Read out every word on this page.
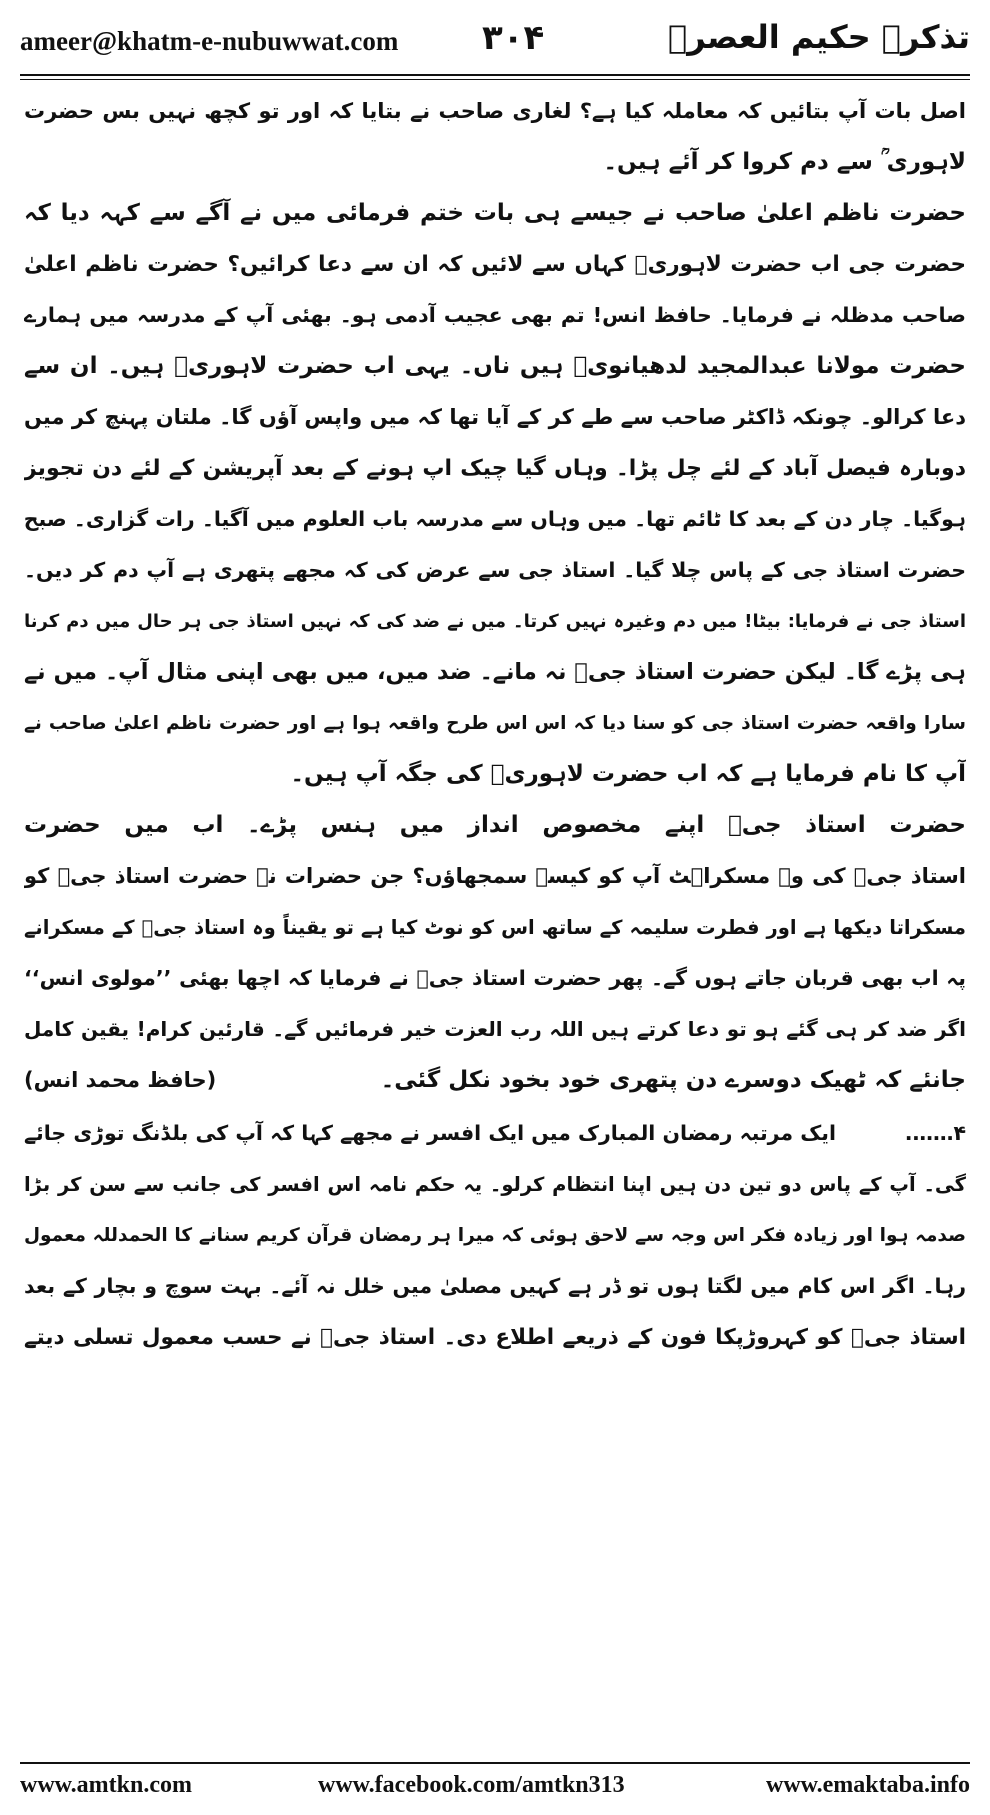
ameer@khatm-e-nubuwwat.com ۳۰۴	تذکرہ حکیم العصرؒ
اصل بات آپ بتائیں کہ معاملہ کیا ہے؟ لغاری صاحب نے بتایا کہ اور تو کچھ نہیں بس حضرت
لاہوری ؒ سے دم کروا کر آئے ہیں۔
حضرت ناظم اعلیٰ صاحب نے جیسے ہی بات ختم فرمائی میں نے آگے سے کہہ دیا کہ
حضرت جی اب حضرت لاہوریؒ کہاں سے لائیں کہ ان سے دعا کرائیں؟ حضرت ناظم اعلیٰ
صاحب مدظلہ نے فرمایا۔ حافظ انس! تم بھی عجیب آدمی ہو۔ بھئی آپ کے مدرسہ میں ہمارے
حضرت مولانا عبدالمجید لدھیانویؒ ہیں ناں۔ یہی اب حضرت لاہوریؒ ہیں۔ ان سے
دعا کرالو۔ چونکہ ڈاکٹر صاحب سے طے کر کے آیا تھا کہ میں واپس آؤں گا۔ ملتان پہنچ کر میں
دوبارہ فیصل آباد کے لئے چل پڑا۔ وہاں گیا چیک اپ ہونے کے بعد آپریشن کے لئے دن تجویز
ہوگیا۔ چار دن کے بعد کا ٹائم تھا۔ میں وہاں سے مدرسہ باب العلوم میں آگیا۔ رات گزاری۔ صبح
حضرت استاذ جی کے پاس چلا گیا۔ استاذ جی سے عرض کی کہ مجھے پتھری ہے آپ دم کر دیں۔
استاذ جی نے فرمایا: بیٹا! میں دم وغیرہ نہیں کرتا۔ میں نے ضد کی کہ نہیں استاذ جی ہر حال میں دم کرنا
ہی پڑے گا۔ لیکن حضرت استاذ جیؒ نہ مانے۔ ضد میں، میں بھی اپنی مثال آپ۔ میں نے
سارا واقعہ حضرت استاذ جی کو سنا دیا کہ اس اس طرح واقعہ ہوا ہے اور حضرت ناظم اعلیٰ صاحب نے
آپ کا نام فرمایا ہے کہ اب حضرت لاہوریؒ کی جگہ آپ ہیں۔
حضرت استاذ جیؒ اپنے مخصوص انداز میں ہنس پڑے۔ اب میں حضرت
استاذ جیؒ کی وہ مسکراہٹ آپ کو کیسے سمجھاؤں؟ جن حضرات نے حضرت استاذ جیؒ کو
مسکراتا دیکھا ہے اور فطرت سلیمہ کے ساتھ اس کو نوٹ کیا ہے تو یقیناً وہ استاذ جیؒ کے مسکرانے
پہ اب بھی قربان جاتے ہوں گے۔ پھر حضرت استاذ جیؒ نے فرمایا کہ اچھا بھئی ’’مولوی انس‘‘
اگر ضد کر ہی گئے ہو تو دعا کرتے ہیں اللہ رب العزت خیر فرمائیں گے۔ قارئین کرام! یقین کامل
جانئے کہ ٹھیک دوسرے دن پتھری خود بخود نکل گئی۔
(حافظ محمد انس)
۴…….
ایک مرتبہ رمضان المبارک میں ایک افسر نے مجھے کہا کہ آپ کی بلڈنگ توڑی جائے
گی۔ آپ کے پاس دو تین دن ہیں اپنا انتظام کرلو۔ یہ حکم نامہ اس افسر کی جانب سے سن کر بڑا
صدمہ ہوا اور زیادہ فکر اس وجہ سے لاحق ہوئی کہ میرا ہر رمضان قرآن کریم سنانے کا الحمدللہ معمول
رہا۔ اگر اس کام میں لگتا ہوں تو ڈر ہے کہیں مصلیٰ میں خلل نہ آئے۔ بہت سوچ و بچار کے بعد
استاذ جیؒ کو کہروڑپکا فون کے ذریعے اطلاع دی۔ استاذ جیؒ نے حسب معمول تسلی دیتے
www.amtkn.com	www.facebook.com/amtkn313	www.emaktaba.info
